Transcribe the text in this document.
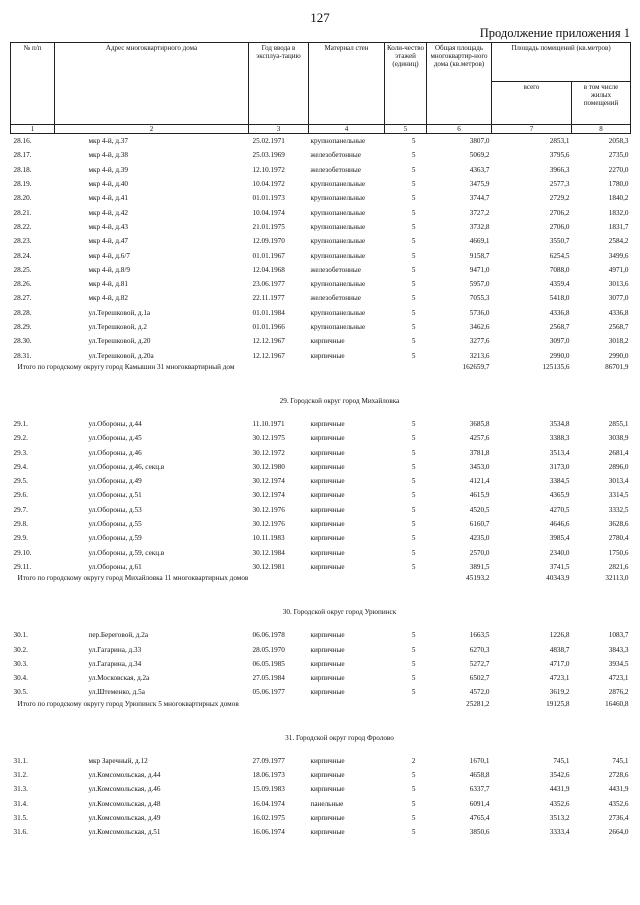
127
Продолжение приложения 1
№ п/п	Адрес многоквартирного дома	Год ввода в эксплуа-тацию	Материал стен	Коли-чество этажей (единиц)	Общая площадь многоквартир-ного дома (кв.метров)	Площадь помещений (кв.метров)	
						всего	в том числе жилых помещений
1	2	3	4	5	6	7	8
28.16.	мкр 4-й, д.37	25.02.1971	крупнопанельные	5	3807,0	2853,1	2058,3
28.17.	мкр 4-й, д.38	25.03.1969	железобетонные	5	5069,2	3795,6	2735,0
28.18.	мкр 4-й, д.39	12.10.1972	железобетонные	5	4363,7	3966,3	2270,0
28.19.	мкр 4-й, д.40	10.04.1972	крупнопанельные	5	3475,9	2577,3	1780,0
28.20.	мкр 4-й, д.41	01.01.1973	крупнопанельные	5	3744,7	2729,2	1840,2
28.21.	мкр 4-й, д.42	10.04.1974	крупнопанельные	5	3727,2	2706,2	1832,0
28.22.	мкр 4-й, д.43	21.01.1975	крупнопанельные	5	3732,8	2706,0	1831,7
28.23.	мкр 4-й, д.47	12.09.1970	крупнопанельные	5	4669,1	3550,7	2584,2
28.24.	мкр 4-й, д.6/7	01.01.1967	крупнопанельные	5	9158,7	6254,5	3499,6
28.25.	мкр 4-й, д.8/9	12.04.1968	железобетонные	5	9471,0	7088,0	4971,0
28.26.	мкр 4-й, д.81	23.06.1977	крупнопанельные	5	5957,0	4359,4	3013,6
28.27.	мкр 4-й, д.82	22.11.1977	железобетонные	5	7055,3	5418,0	3077,0
28.28.	ул.Терешковой, д.1а	01.01.1984	крупнопанельные	5	5736,0	4336,8	4336,8
28.29.	ул.Терешковой, д.2	01.01.1966	крупнопанельные	5	3462,6	2568,7	2568,7
28.30.	ул.Терешковой, д.20	12.12.1967	кирпичные	5	3277,6	3097,0	3018,2
28.31.	ул.Терешковой, д.20а	12.12.1967	кирпичные	5	3213,6	2990,0	2990,0
Итого по городскому округу город Камышин 31 многоквартирный дом					162659,7	125135,6	86701,9

29. Городской округ город Михайловка							

29.1.	ул.Обороны, д.44	11.10.1971	кирпичные	5	3685,8	3534,8	2855,1
29.2.	ул.Обороны, д.45	30.12.1975	кирпичные	5	4257,6	3388,3	3038,9
29.3.	ул.Обороны, д.46	30.12.1972	кирпичные	5	3781,8	3513,4	2681,4
29.4.	ул.Обороны, д.46, секц.в	30.12.1980	кирпичные	5	3453,0	3173,0	2896,0
29.5.	ул.Обороны, д.49	30.12.1974	кирпичные	5	4121,4	3384,5	3013,4
29.6.	ул.Обороны, д.51	30.12.1974	кирпичные	5	4615,9	4365,9	3314,5
29.7.	ул.Обороны, д.53	30.12.1976	кирпичные	5	4520,5	4270,5	3332,5
29.8.	ул.Обороны, д.55	30.12.1976	кирпичные	5	6160,7	4646,6	3628,6
29.9.	ул.Обороны, д.59	10.11.1983	кирпичные	5	4235,0	3985,4	2780,4
29.10.	ул.Обороны, д.59, секц.в	30.12.1984	кирпичные	5	2570,0	2340,0	1750,6
29.11.	ул.Обороны, д.61	30.12.1981	кирпичные	5	3891,5	3741,5	2821,6
Итого по городскому округу город Михайловка 11 многоквартирных домов					45193,2	40343,9	32113,0

30. Городской округ город Урюпинск							

30.1.	пер.Береговой, д.2а	06.06.1978	кирпичные	5	1663,5	1226,8	1083,7
30.2.	ул.Гагарина, д.33	28.05.1970	кирпичные	5	6270,3	4838,7	3843,3
30.3.	ул.Гагарина, д.34	06.05.1985	кирпичные	5	5272,7	4717,0	3934,5
30.4.	ул.Московская, д.2а	27.05.1984	кирпичные	5	6502,7	4723,1	4723,1
30.5.	ул.Штеменко, д.5а	05.06.1977	кирпичные	5	4572,0	3619,2	2876,2
Итого по городскому округу город Урюпинск 5 многоквартирных домов					25281,2	19125,8	16460,8

31. Городской округ город Фролово							

31.1.	мкр Заречный, д.12	27.09.1977	кирпичные	2	1670,1	745,1	745,1
31.2.	ул.Комсомольская, д.44	18.06.1973	кирпичные	5	4658,8	3542,6	2728,6
31.3.	ул.Комсомольская, д.46	15.09.1983	кирпичные	5	6337,7	4431,9	4431,9
31.4.	ул.Комсомольская, д.48	16.04.1974	панельные	5	6091,4	4352,6	4352,6
31.5.	ул.Комсомольская, д.49	16.02.1975	кирпичные	5	4765,4	3513,2	2736,4
31.6.	ул.Комсомольская, д.51	16.06.1974	кирпичные	5	3850,6	3333,4	2664,0
